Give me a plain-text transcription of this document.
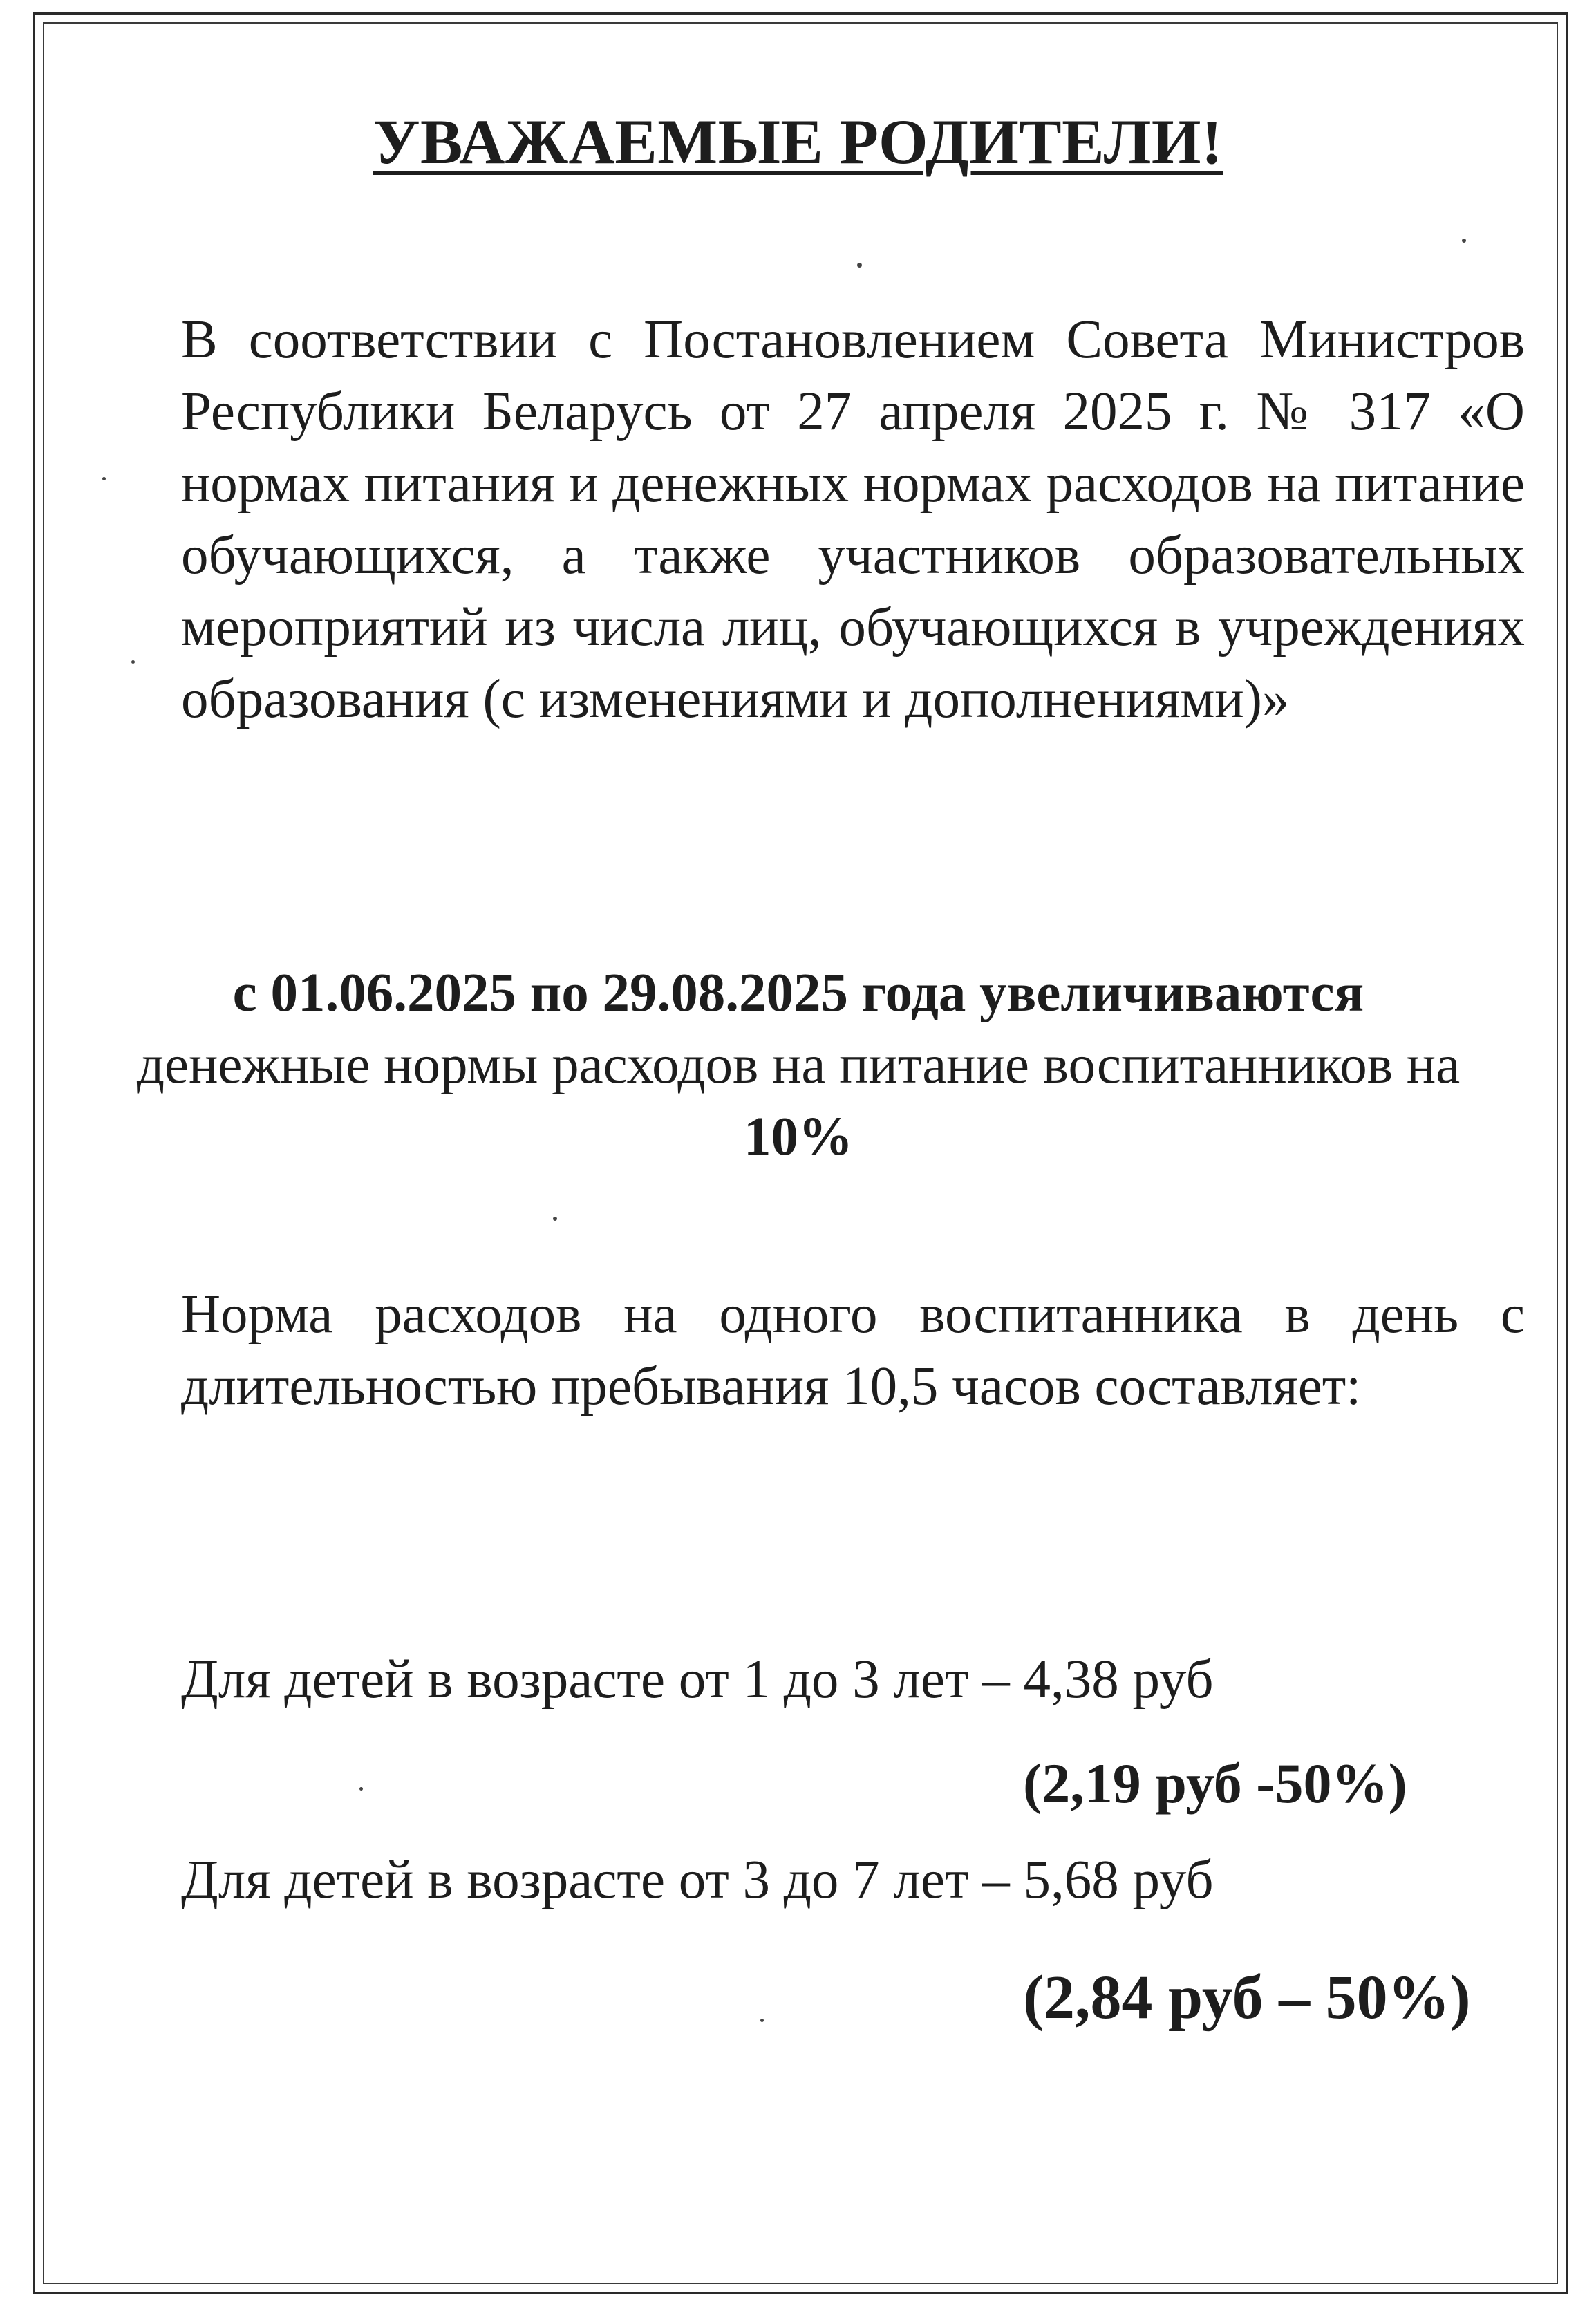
УВАЖАЕМЫЕ РОДИТЕЛИ!
В соответствии с Постановлением Совета Министров Республики Беларусь от 27 апреля 2025 г. № 317 «О нормах питания и денежных нормах расходов на питание обучающихся, а также участников образовательных мероприятий из числа лиц, обучающихся в учреждениях образования (с изменениями и дополнениями)»
с 01.06.2025 по 29.08.2025 года увеличиваются
денежные нормы расходов на питание воспитанников на 10%
Норма расходов на одного воспитанника в день с длительностью пребывания 10,5 часов составляет:
Для детей в возрасте от 1 до 3 лет – 4,38 руб
(2,19 руб -50%)
Для детей в возрасте от 3 до 7 лет – 5,68 руб
(2,84 руб – 50%)
